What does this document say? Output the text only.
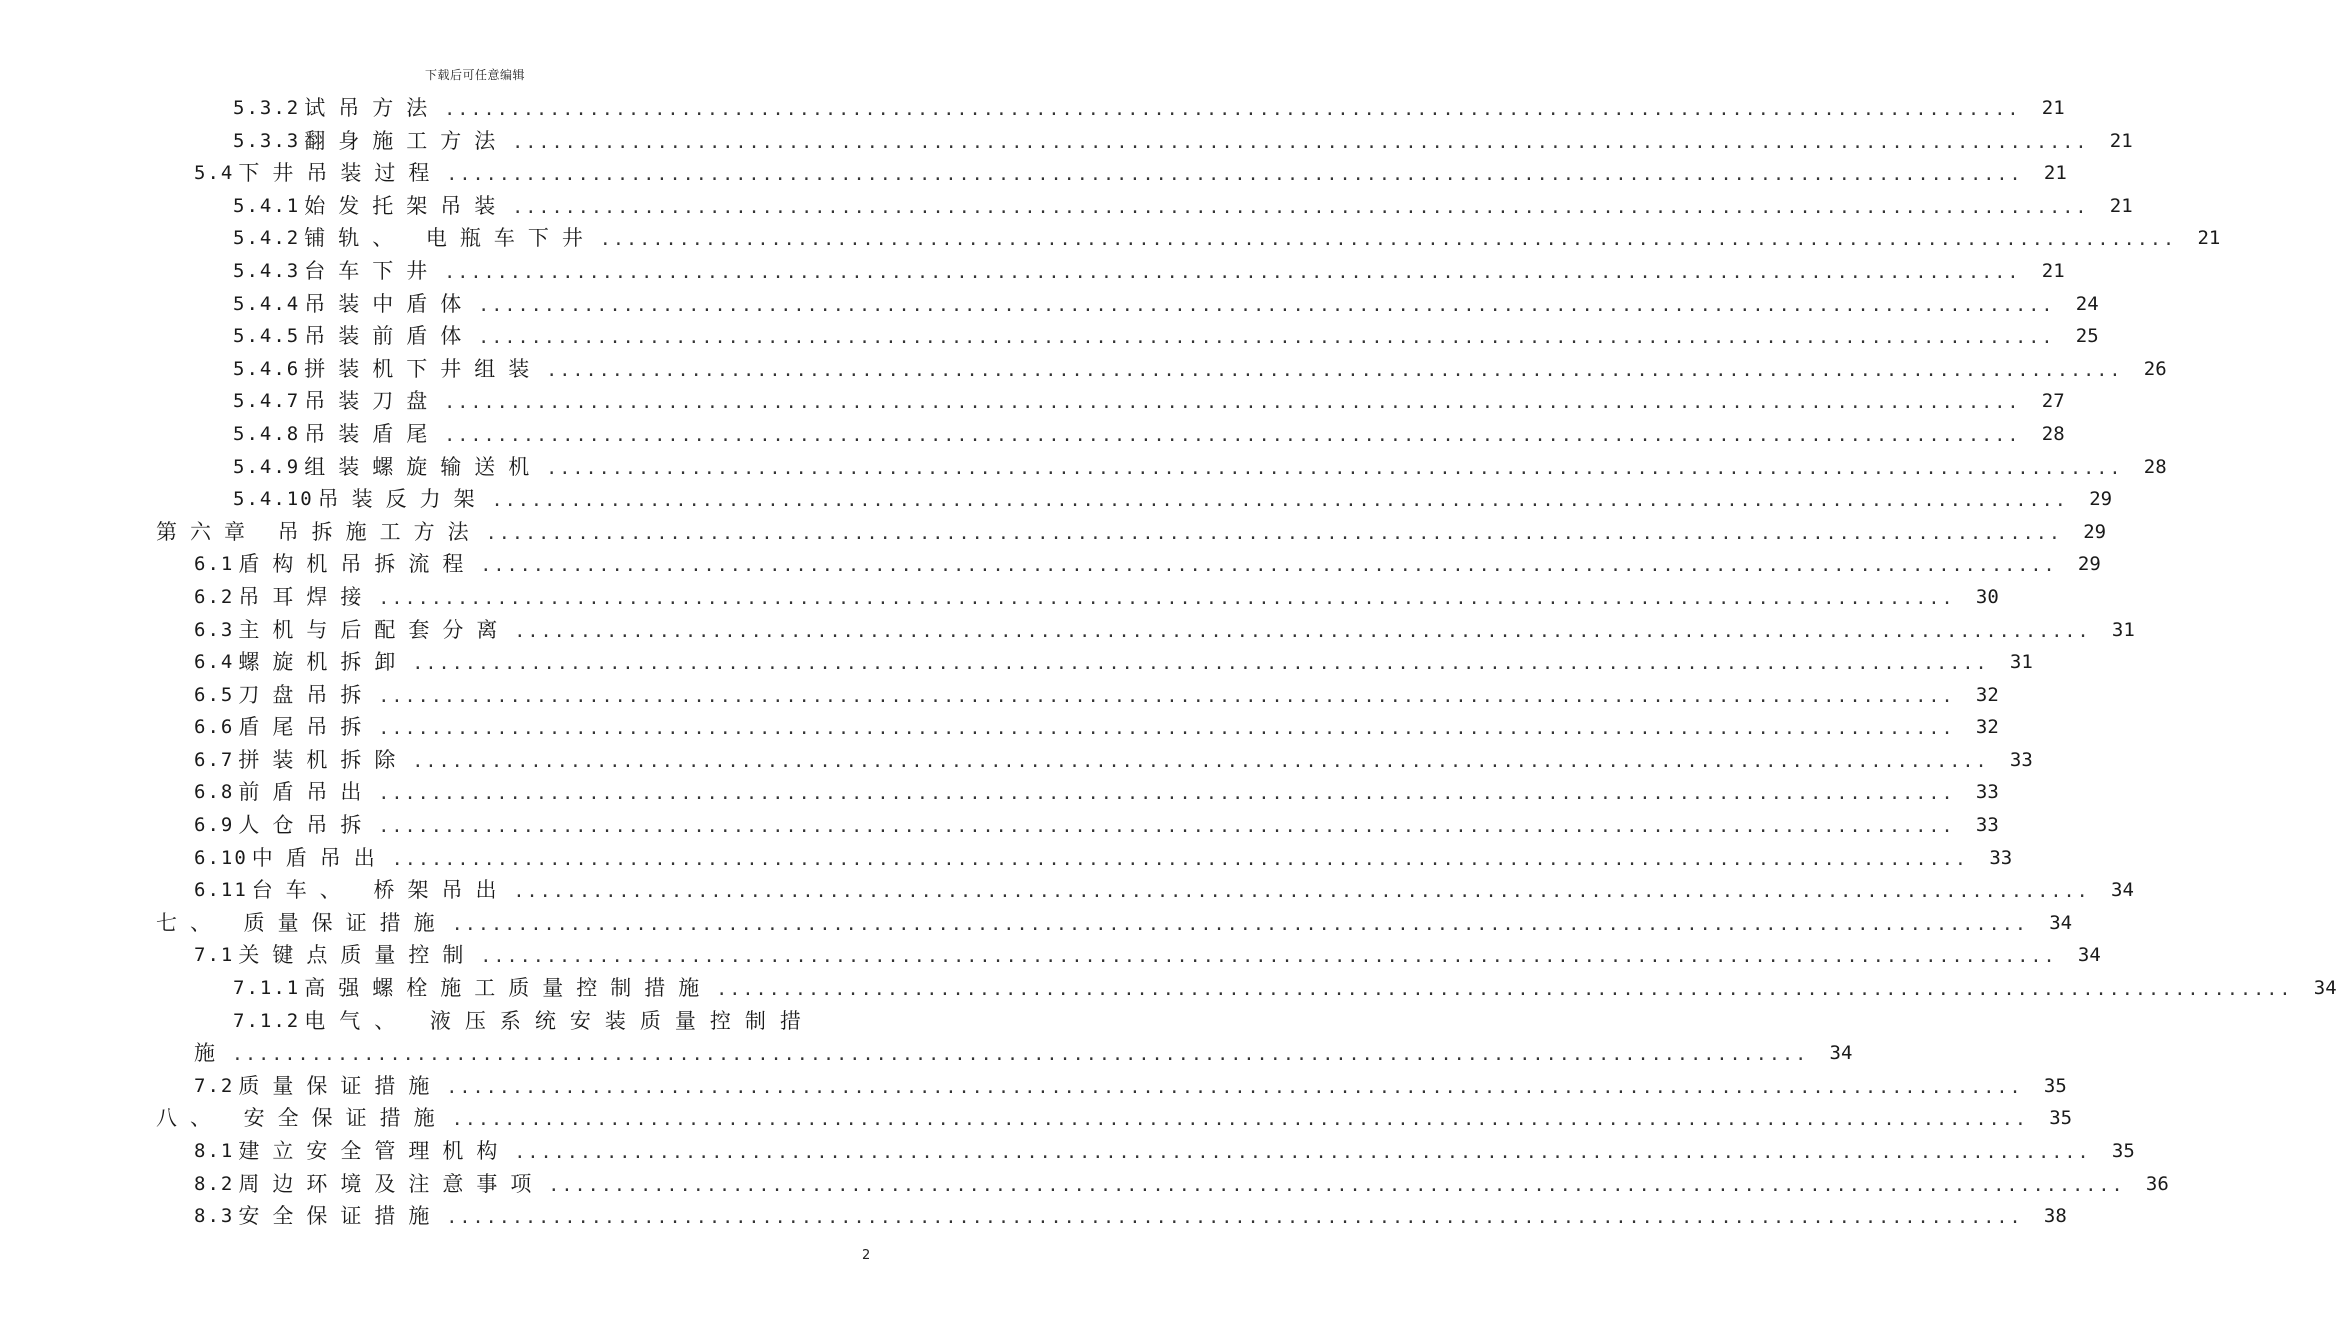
下载后可任意编辑
5.3.2 试吊方法 ........................................................................................................................	21
5.3.3 翻身施工方法 ........................................................................................................................	21
5.4 下井吊装过程 ........................................................................................................................	21
5.4.1 始发托架吊装 ........................................................................................................................	21
5.4.2 铺轨、 电瓶车下井 ........................................................................................................................	21
5.4.3 台车下井 ........................................................................................................................	21
5.4.4 吊装中盾体 ........................................................................................................................	24
5.4.5 吊装前盾体 ........................................................................................................................	25
5.4.6 拼装机下井组装 ........................................................................................................................	26
5.4.7 吊装刀盘 ........................................................................................................................	27
5.4.8 吊装盾尾 ........................................................................................................................	28
5.4.9 组装螺旋输送机 ........................................................................................................................	28
5.4.10 吊装反力架 ........................................................................................................................	29
第六章 吊拆施工方法 ........................................................................................................................	29
6.1 盾构机吊拆流程 ........................................................................................................................	29
6.2 吊耳焊接 ........................................................................................................................	30
6.3 主机与后配套分离 ........................................................................................................................	31
6.4 螺旋机拆卸 ........................................................................................................................	31
6.5 刀盘吊拆 ........................................................................................................................	32
6.6 盾尾吊拆 ........................................................................................................................	32
6.7 拼装机拆除 ........................................................................................................................	33
6.8 前盾吊出 ........................................................................................................................	33
6.9 人仓吊拆 ........................................................................................................................	33
6.10 中盾吊出 ........................................................................................................................	33
6.11 台车、 桥架吊出 ........................................................................................................................	34
七、 质量保证措施 ........................................................................................................................	34
7.1 关键点质量控制 ........................................................................................................................	34
7.1.1 高强螺栓施工质量控制措施 ........................................................................................................................	34
7.1.2 电气、 液压系统安装质量控制措
施 ........................................................................................................................	34
7.2 质量保证措施 ........................................................................................................................	35
八、 安全保证措施 ........................................................................................................................	35
8.1 建立安全管理机构 ........................................................................................................................	35
8.2 周边环境及注意事项 ........................................................................................................................	36
8.3 安全保证措施 ........................................................................................................................	38
2
